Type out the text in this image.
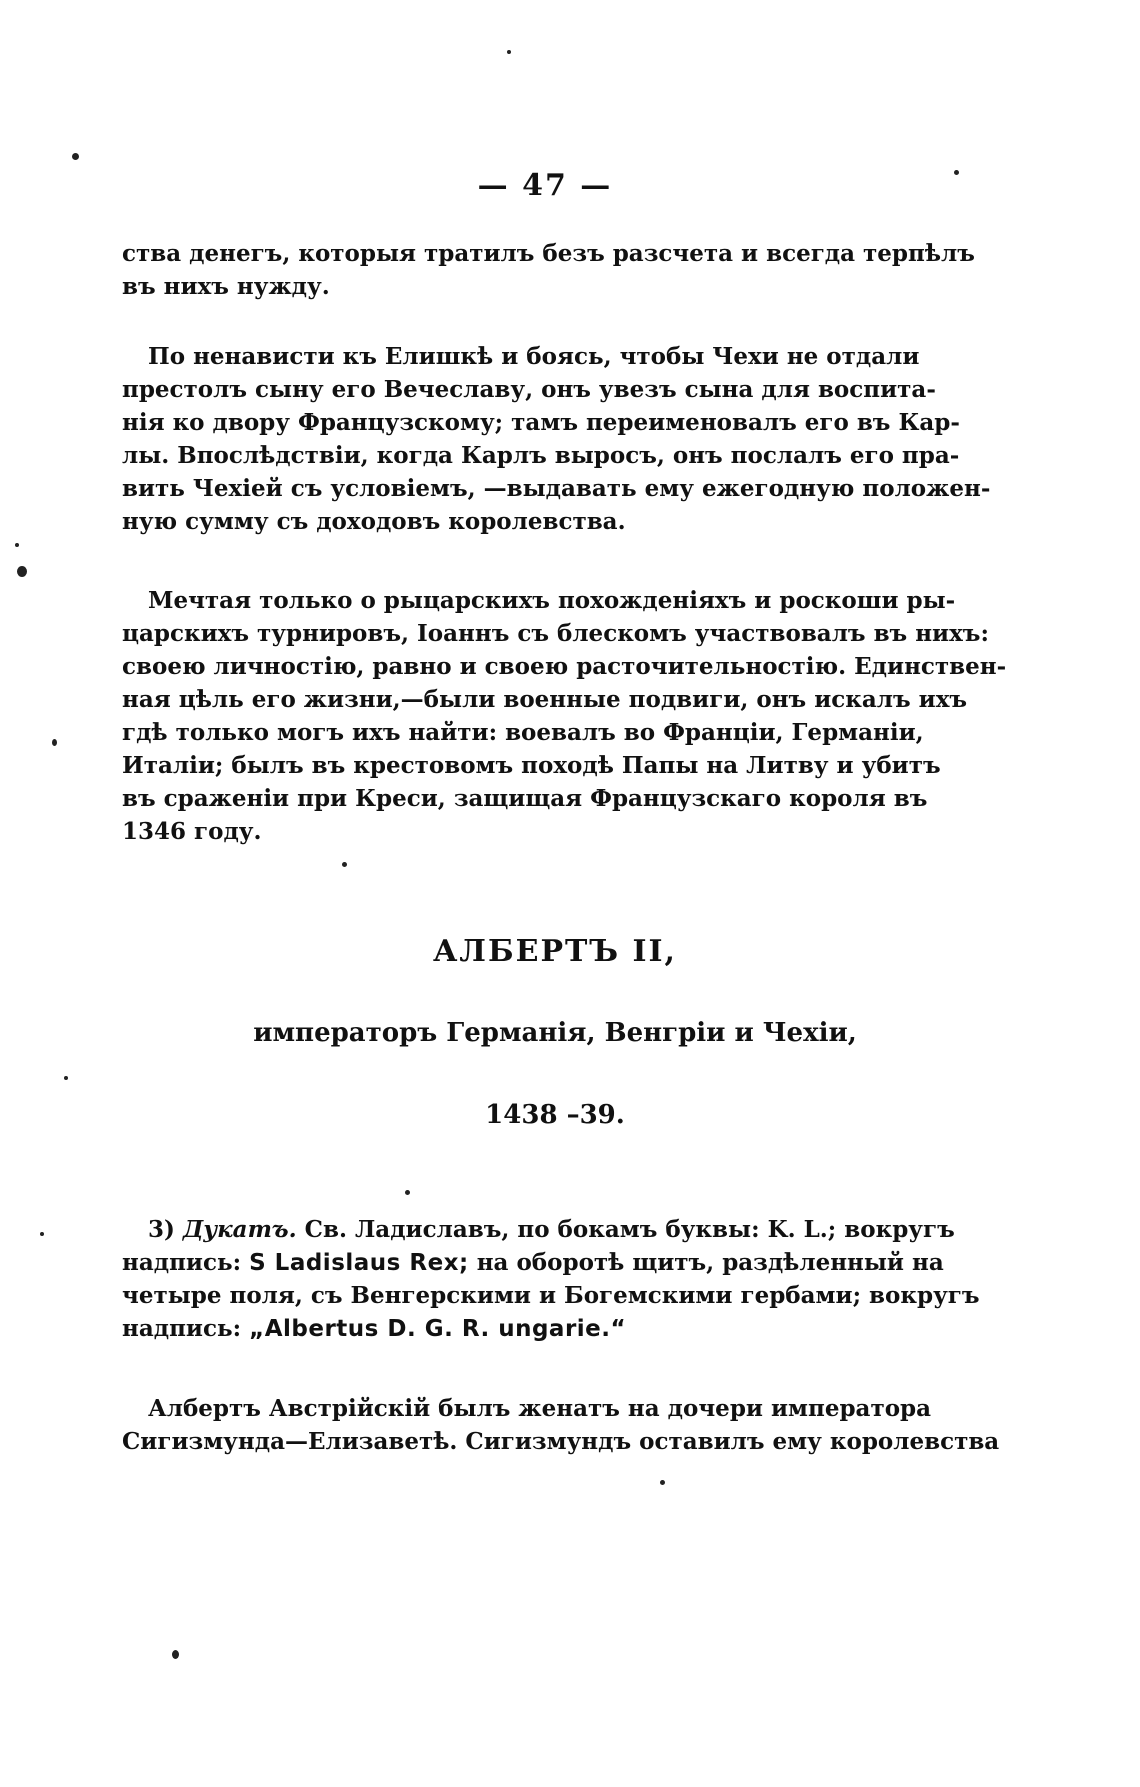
— 47 —
ства денегъ, которыя тратилъ безъ разсчета и всегда терпѣлъ
въ нихъ нужду.
По ненависти къ Елишкѣ и боясь, чтобы Чехи не отдали
престолъ сыну его Вечеславу, онъ увезъ сына для воспита-
нія ко двору Французскому; тамъ переименовалъ его въ Кар-
лы. Впослѣдствіи, когда Карлъ выросъ, онъ послалъ его пра-
вить Чехіей съ условіемъ, —выдавать ему ежегодную положен-
ную сумму съ доходовъ королевства.
Мечтая только о рыцарскихъ похожденіяхъ и роскоши ры-
царскихъ турнировъ, Іоаннъ съ блескомъ участвовалъ въ нихъ:
своею личностію, равно и своею расточительностію. Единствен-
ная цѣль его жизни,—были военные подвиги, онъ искалъ ихъ
гдѣ только могъ ихъ найти: воевалъ во Франціи, Германіи,
Италіи; былъ въ крестовомъ походѣ Папы на Литву и убитъ
въ сраженіи при Креси, защищая Французскаго короля въ
1346 году.
АЛБЕРТЪ II,
императоръ Германія, Венгріи и Чехіи,
1438 –39.
3) Дукатъ. Св. Ладиславъ, по бокамъ буквы: K. L.; вокругъ
надпись: S Ladislaus Rex; на оборотѣ щитъ, раздѣленный на
четыре поля, съ Венгерскими и Богемскими гербами; вокругъ
надпись: „Albertus D. G. R. ungarie.“
Албертъ Австрійскій былъ женатъ на дочери императора
Сигизмунда—Елизаветѣ. Сигизмундъ оставилъ ему королевства
